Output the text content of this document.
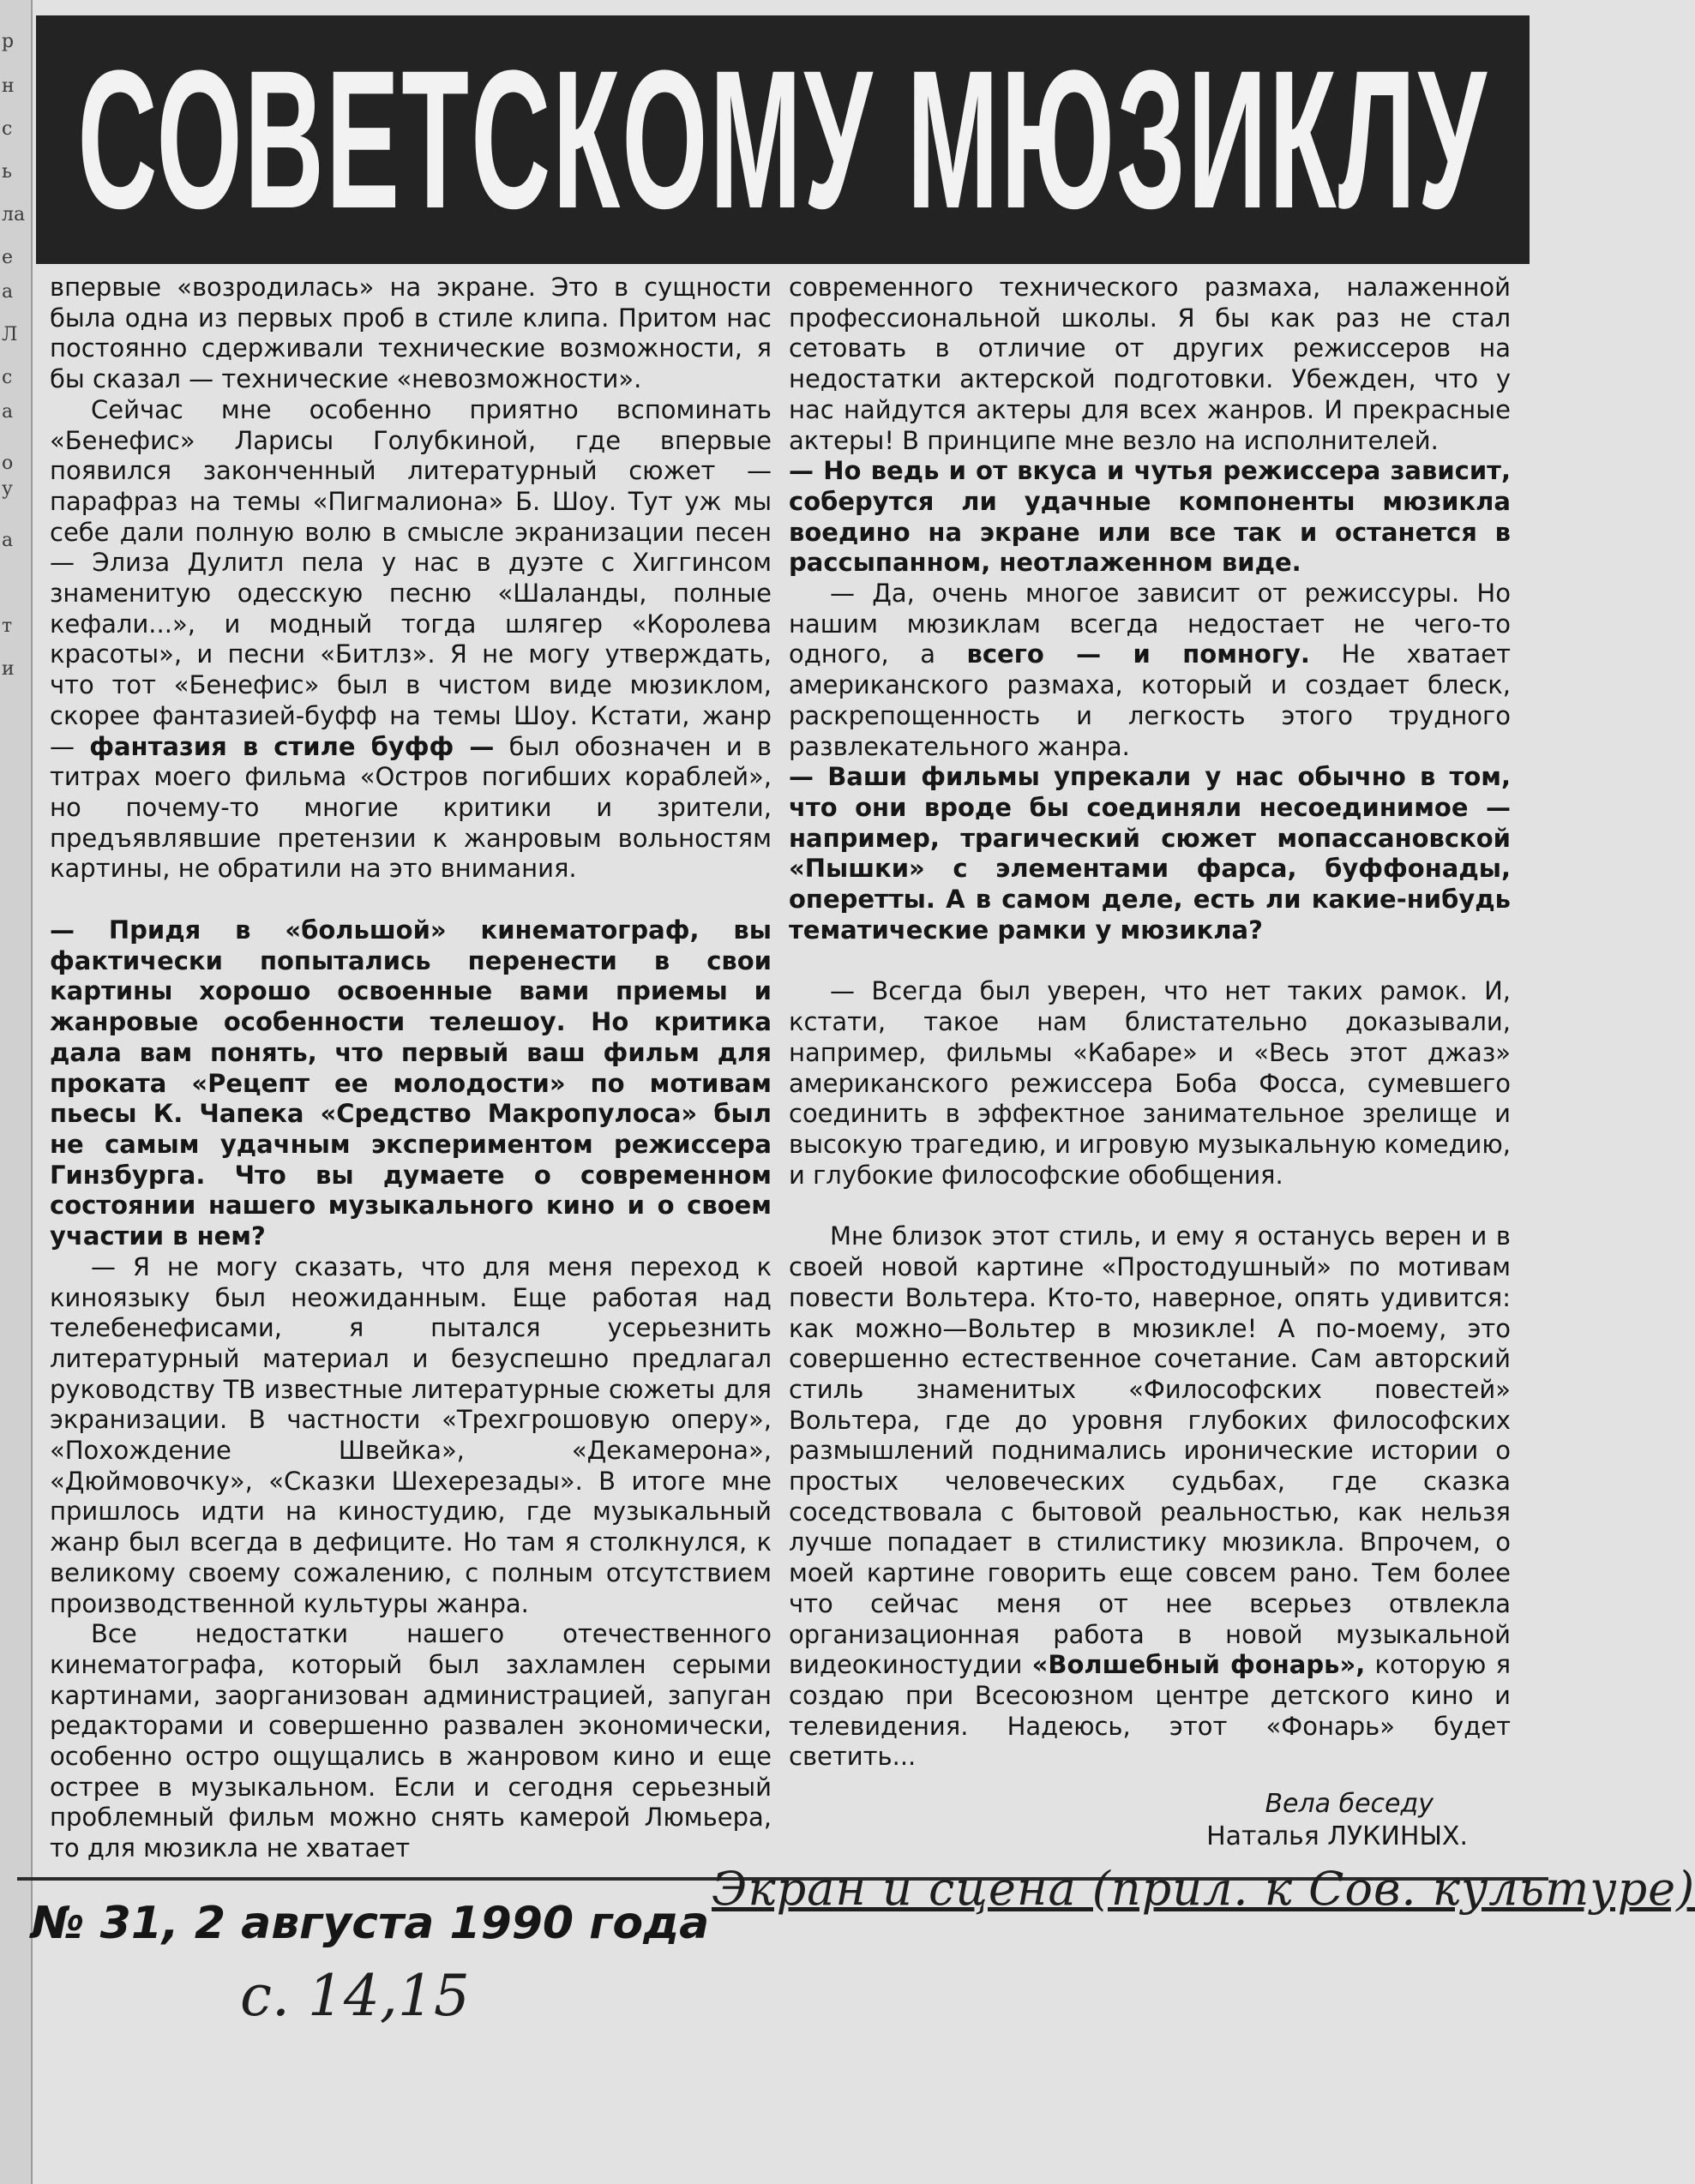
р
н
с
ь
ла
е
а
Л
с
а
о
у
а
т
и
СОВЕТСКОМУ МЮЗИКЛУ

впервые «возродилась» на экране. Это в сущности была одна из первых проб в стиле клипа. Притом нас постоянно сдерживали технические возможности, я бы сказал — технические «невозможности».

Сейчас мне особенно приятно вспоминать «Бенефис» Ларисы Голубкиной, где впервые появился законченный литературный сюжет — парафраз на темы «Пигмалиона» Б. Шоу. Тут уж мы себе дали полную волю в смысле экранизации песен — Элиза Дулитл пела у нас в дуэте с Хиггинсом знаменитую одесскую песню «Шаланды, полные кефали...», и модный тогда шлягер «Королева красоты», и песни «Битлз». Я не могу утверждать, что тот «Бенефис» был в чистом виде мюзиклом, скорее фантазией-буфф на темы Шоу. Кстати, жанр — фантазия в стиле буфф — был обозначен и в титрах моего фильма «Остров погибших кораблей», но почему-то многие критики и зрители, предъявлявшие претензии к жанровым вольностям картины, не обратили на это внимания.

— Придя в «большой» кинематограф, вы фактически попытались перенести в свои картины хорошо освоенные вами приемы и жанровые особенности телешоу. Но критика дала вам понять, что первый ваш фильм для проката «Рецепт ее молодости» по мотивам пьесы К. Чапека «Средство Макропулоса» был не самым удачным экспериментом режиссера Гинзбурга. Что вы думаете о современном состоянии нашего музыкального кино и о своем участии в нем?

— Я не могу сказать, что для меня переход к киноязыку был неожиданным. Еще работая над телебенефисами, я пытался усерьезнить литературный материал и безуспешно предлагал руководству ТВ известные литературные сюжеты для экранизации. В частности «Трехгрошовую оперу», «Похождение Швейка», «Декамерона», «Дюймовочку», «Сказки Шехерезады». В итоге мне пришлось идти на киностудию, где музыкальный жанр был всегда в дефиците. Но там я столкнулся, к великому своему сожалению, с полным отсутствием производственной культуры жанра.

Все недостатки нашего отечественного кинематографа, который был захламлен серыми картинами, заорганизован администрацией, запуган редакторами и совершенно развален экономически, особенно остро ощущались в жанровом кино и еще острее в музыкальном. Если и сегодня серьезный проблемный фильм можно снять камерой Люмьера, то для мюзикла не хватает

современного технического размаха, налаженной профессиональной школы. Я бы как раз не стал сетовать в отличие от других режиссеров на недостатки актерской подготовки. Убежден, что у нас найдутся актеры для всех жанров. И прекрасные актеры! В принципе мне везло на исполнителей.

— Но ведь и от вкуса и чутья режиссера зависит, соберутся ли удачные компоненты мюзикла воедино на экране или все так и останется в рассыпанном, неотлаженном виде.

— Да, очень многое зависит от режиссуры. Но нашим мюзиклам всегда недостает не чего-то одного, а всего — и помногу. Не хватает американского размаха, который и создает блеск, раскрепощенность и легкость этого трудного развлекательного жанра.

— Ваши фильмы упрекали у нас обычно в том, что они вроде бы соединяли несоединимое — например, трагический сюжет мопассановской «Пышки» с элементами фарса, буффонады, оперетты. А в самом деле, есть ли какие-нибудь тематические рамки у мюзикла?

— Всегда был уверен, что нет таких рамок. И, кстати, такое нам блистательно доказывали, например, фильмы «Кабаре» и «Весь этот джаз» американского режиссера Боба Фосса, сумевшего соединить в эффектное занимательное зрелище и высокую трагедию, и игровую музыкальную комедию, и глубокие философские обобщения.

Мне близок этот стиль, и ему я останусь верен и в своей новой картине «Простодушный» по мотивам повести Вольтера. Кто-то, наверное, опять удивится: как можно—Вольтер в мюзикле! А по-моему, это совершенно естественное сочетание. Сам авторский стиль знаменитых «Философских повестей» Вольтера, где до уровня глубоких философских размышлений поднимались иронические истории о простых человеческих судьбах, где сказка соседствовала с бытовой реальностью, как нельзя лучше попадает в стилистику мюзикла. Впрочем, о моей картине говорить еще совсем рано. Тем более что сейчас меня от нее всерьез отвлекла организационная работа в новой музыкальной видеокиностудии «Волшебный фонарь», которую я создаю при Всесоюзном центре детского кино и телевидения. Надеюсь, этот «Фонарь» будет светить...

Вела беседу
Наталья ЛУКИНЫХ.
№ 31, 2 августа 1990 года
Экран и сцена (прил. к Сов. культуре)
с. 14,15
